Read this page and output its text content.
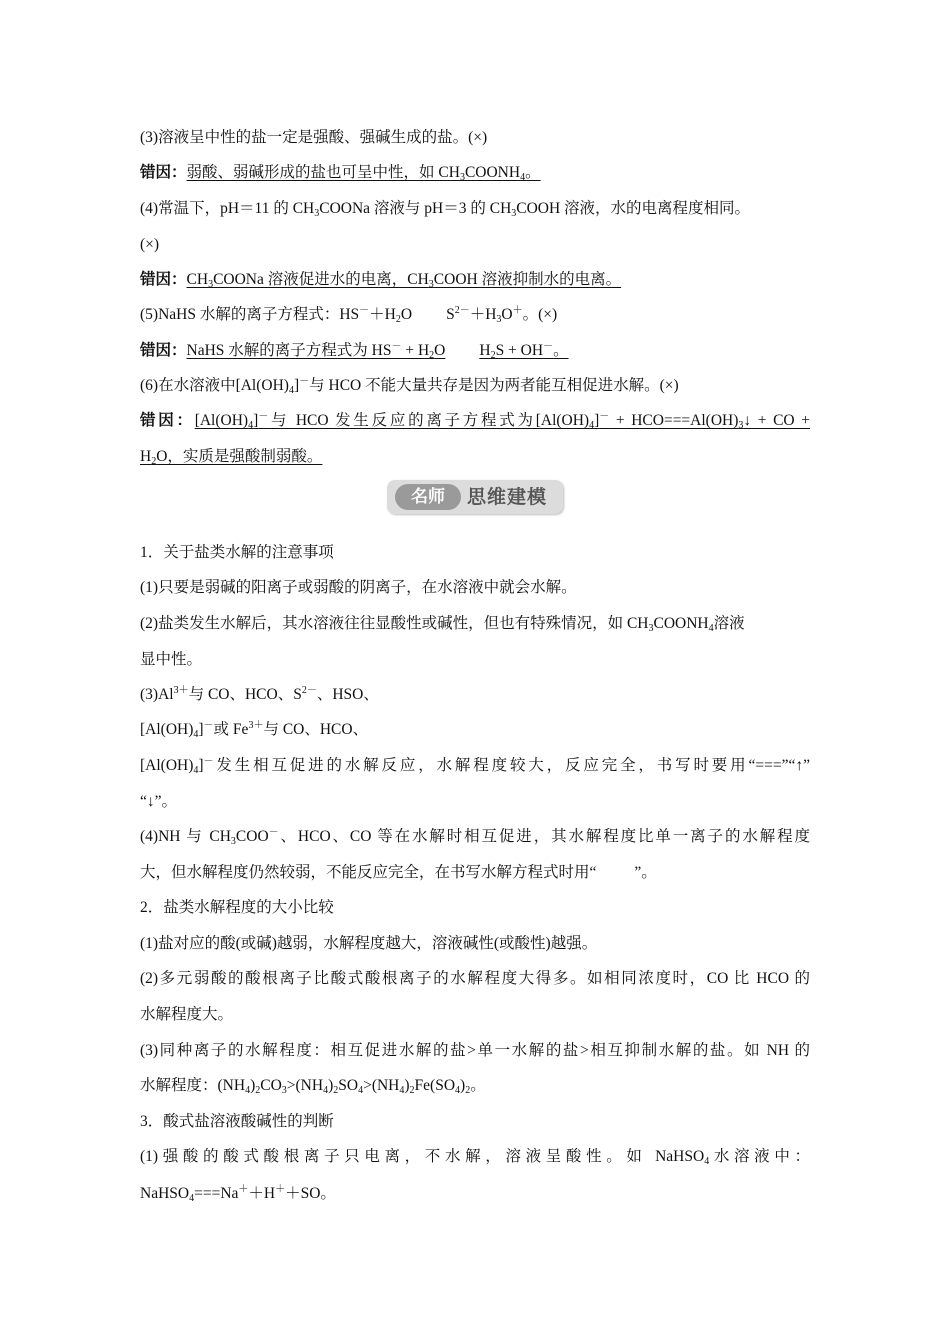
(3)溶液呈中性的盐一定是强酸、强碱生成的盐。(×)
错因：弱酸、弱碱形成的盐也可呈中性，如 $CH_3COONH_4$。
(4)常温下，pH＝11 的 $CH_3COONa$ 溶液与 pH＝3 的 $CH_3COOH$ 溶液，水的电离程度相同。
(×)
错因：$CH_3COONa$ 溶液促进水的电离，$CH_3COOH$ 溶液抑制水的电离。
(5)NaHS 水解的离子方程式：$HS^-+H_2O$ $S^{2-}+H_3O^+$。(×)
错因：NaHS 水解的离子方程式为 $HS^- + H_2O$ $H_2S + OH^-$。
(6)在水溶液中$[Al(OH)_4]^-$与 HCO 不能大量共存是因为两者能互相促进水解。(×)
错因：$[Al(OH)_4]^-$与 HCO 发生反应的离子方程式为$[Al(OH)_4]^-$ + $HCO===Al(OH)_3↓$ + CO +
$H_2O$，实质是强酸制弱酸。
名师	思维建模
1．关于盐类水解的注意事项
(1)只要是弱碱的阳离子或弱酸的阴离子，在水溶液中就会水解。
(2)盐类发生水解后，其水溶液往往显酸性或碱性，但也有特殊情况，如 $CH_3COONH_4$溶液
显中性。
$(3)Al^{3+}$与 CO、HCO、$S^{2-}$、HSO、
$[Al(OH)_4]^-$或 $Fe^{3+}$与 CO、HCO、
$[Al(OH)_4]^-$发生相互促进的水解反应，水解程度较大，反应完全，书写时要用“===”“↑”
“↓”。
(4)NH 与 $CH_3COO^-$、HCO、CO 等在水解时相互促进，其水解程度比单一离子的水解程度
大，但水解程度仍然较弱，不能反应完全，在书写水解方程式时用“ ”。
2．盐类水解程度的大小比较
(1)盐对应的酸(或碱)越弱，水解程度越大，溶液碱性(或酸性)越强。
(2)多元弱酸的酸根离子比酸式酸根离子的水解程度大得多。如相同浓度时，CO 比 HCO 的
水解程度大。
(3)同种离子的水解程度：相互促进水解的盐>单一水解的盐>相互抑制水解的盐。如 NH 的
水解程度：$(NH_4)_2CO_3>(NH_4)_2SO_4>(NH_4)_2Fe(SO_4)_2$。
3．酸式盐溶液酸碱性的判断
(1)强酸的酸式酸根离子只电离，不水解，溶液呈酸性。如 NaHSO$_4$水溶液中：
NaHSO$_4$===Na＋＋H＋＋SO。
